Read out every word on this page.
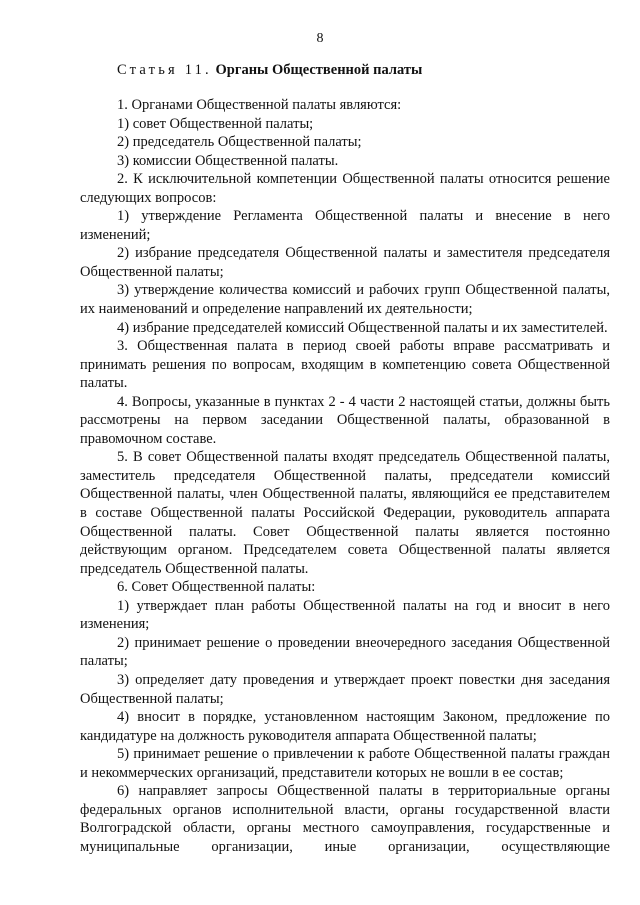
8
Статья 11. Органы Общественной палаты

1. Органами Общественной палаты являются:

1) совет Общественной палаты;

2) председатель Общественной палаты;

3) комиссии Общественной палаты.

2. К исключительной компетенции Общественной палаты относится решение следующих вопросов:

1) утверждение Регламента Общественной палаты и внесение в него изменений;

2) избрание председателя Общественной палаты и заместителя председателя Общественной палаты;

3) утверждение количества комиссий и рабочих групп Общественной палаты, их наименований и определение направлений их деятельности;

4) избрание председателей комиссий Общественной палаты и их заместителей.

3. Общественная палата в период своей работы вправе рассматривать и принимать решения по вопросам, входящим в компетенцию совета Общественной палаты.

4. Вопросы, указанные в пунктах 2 - 4 части 2 настоящей статьи, должны быть рассмотрены на первом заседании Общественной палаты, образованной в правомочном составе.

5. В совет Общественной палаты входят председатель Общественной палаты, заместитель председателя Общественной палаты, председатели комиссий Общественной палаты, член Общественной палаты, являющийся ее представителем в составе Общественной палаты Российской Федерации, руководитель аппарата Общественной палаты. Совет Общественной палаты является постоянно действующим органом. Председателем совета Общественной палаты является председатель Общественной палаты.

6. Совет Общественной палаты:

1) утверждает план работы Общественной палаты на год и вносит в него изменения;

2) принимает решение о проведении внеочередного заседания Общественной палаты;

3) определяет дату проведения и утверждает проект повестки дня заседания Общественной палаты;

4) вносит в порядке, установленном настоящим Законом, предложение по кандидатуре на должность руководителя аппарата Общественной палаты;

5) принимает решение о привлечении к работе Общественной палаты граждан и некоммерческих организаций, представители которых не вошли в ее состав;

6) направляет запросы Общественной палаты в территориальные органы федеральных органов исполнительной власти, органы государственной власти Волгоградской области, органы местного самоуправления, государственные и муниципальные организации, иные организации, осуществляющие
